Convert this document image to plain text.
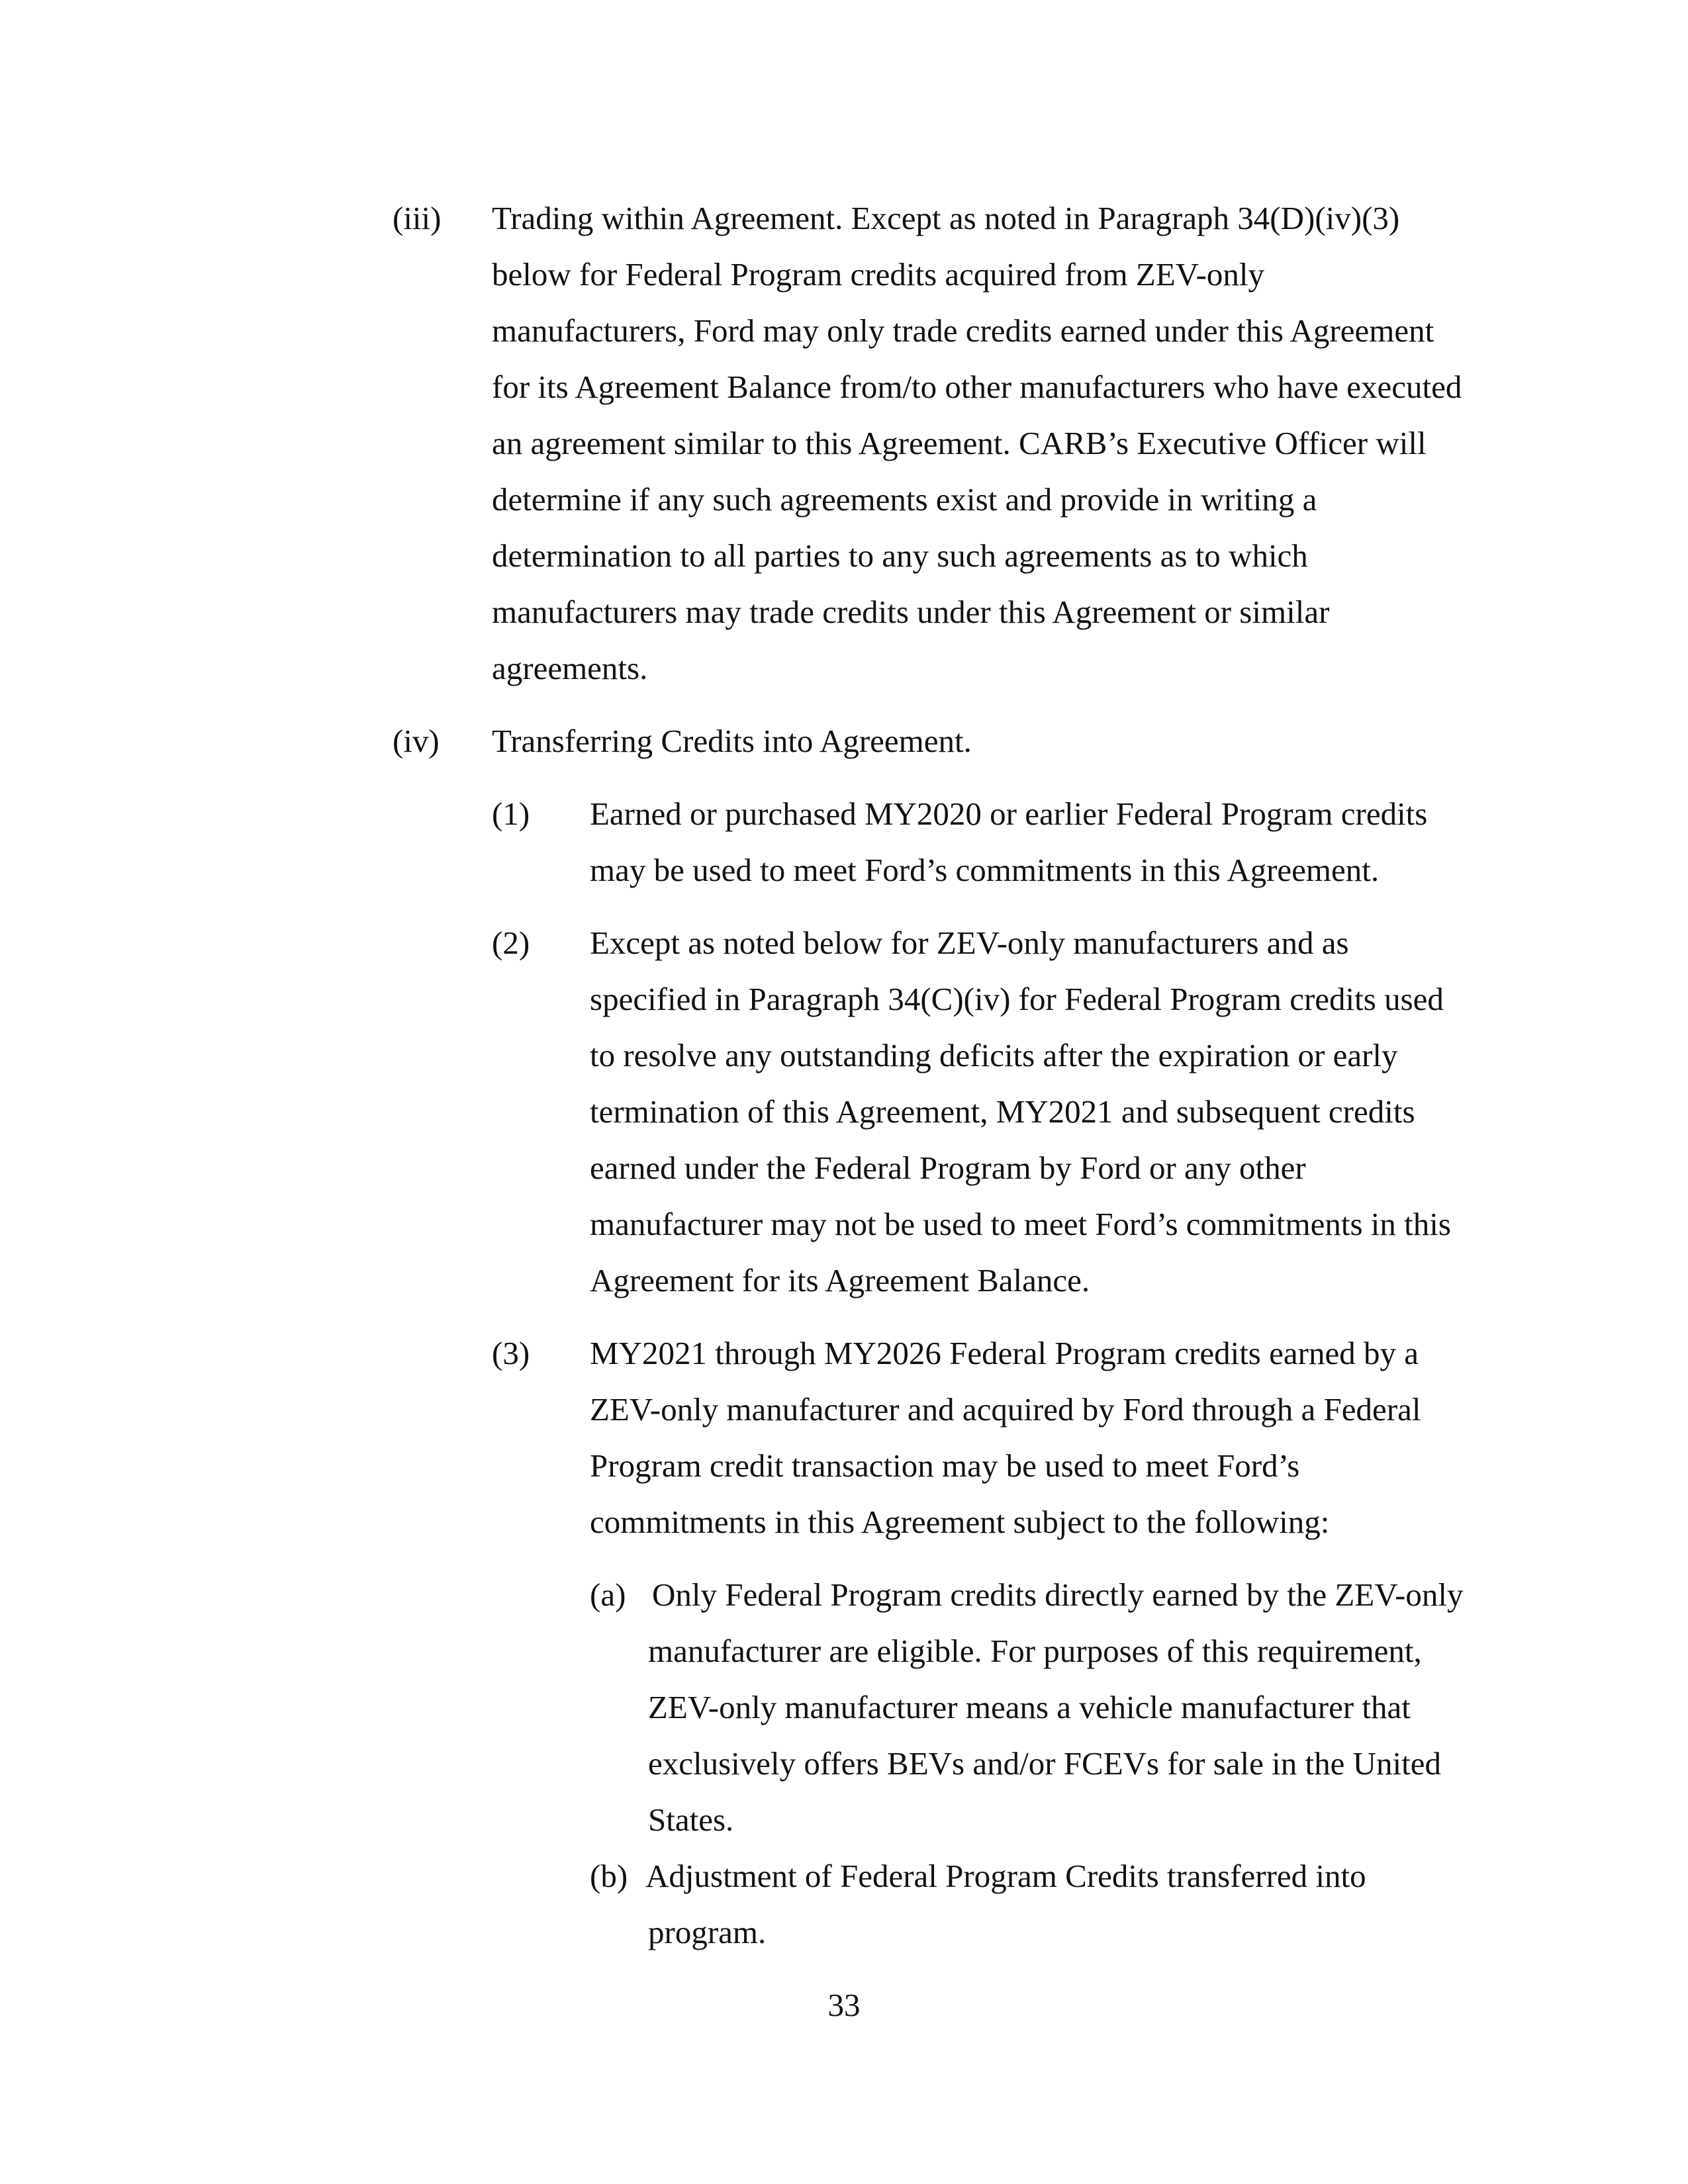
(iii) Trading within Agreement. Except as noted in Paragraph 34(D)(iv)(3)
below for Federal Program credits acquired from ZEV-only
manufacturers, Ford may only trade credits earned under this Agreement
for its Agreement Balance from/to other manufacturers who have executed
an agreement similar to this Agreement. CARB’s Executive Officer will
determine if any such agreements exist and provide in writing a
determination to all parties to any such agreements as to which
manufacturers may trade credits under this Agreement or similar
agreements.
(iv) Transferring Credits into Agreement.
(1) Earned or purchased MY2020 or earlier Federal Program credits
may be used to meet Ford’s commitments in this Agreement.
(2) Except as noted below for ZEV-only manufacturers and as
specified in Paragraph 34(C)(iv) for Federal Program credits used
to resolve any outstanding deficits after the expiration or early
termination of this Agreement, MY2021 and subsequent credits
earned under the Federal Program by Ford or any other
manufacturer may not be used to meet Ford’s commitments in this
Agreement for its Agreement Balance.
(3) MY2021 through MY2026 Federal Program credits earned by a
ZEV-only manufacturer and acquired by Ford through a Federal
Program credit transaction may be used to meet Ford’s
commitments in this Agreement subject to the following:
(a) Only Federal Program credits directly earned by the ZEV-only
manufacturer are eligible. For purposes of this requirement,
ZEV-only manufacturer means a vehicle manufacturer that
exclusively offers BEVs and/or FCEVs for sale in the United
States.
(b) Adjustment of Federal Program Credits transferred into
program.
33
